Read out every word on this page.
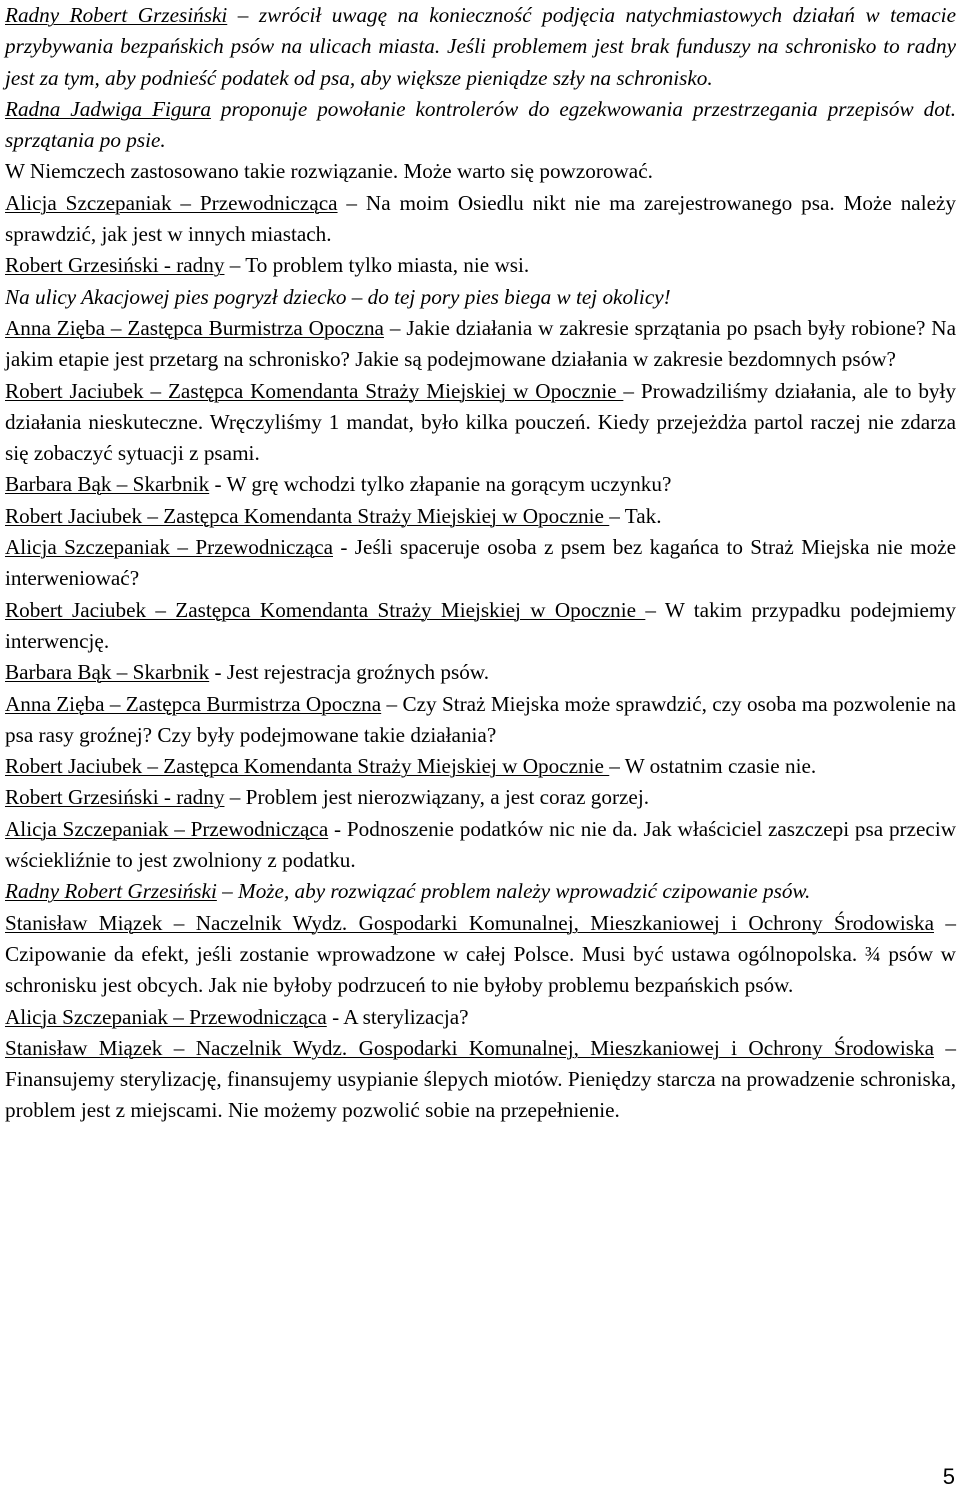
Radny Robert Grzesiński – zwrócił uwagę na konieczność podjęcia natychmiastowych działań w temacie przybywania bezpańskich psów na ulicach miasta. Jeśli problemem jest brak funduszy na schronisko to radny jest za tym, aby podnieść podatek od psa, aby większe pieniądze szły na schronisko.

Radna Jadwiga Figura proponuje powołanie kontrolerów do egzekwowania przestrzegania przepisów dot. sprzątania po psie.

W Niemczech zastosowano takie rozwiązanie. Może warto się powzorować.

Alicja Szczepaniak – Przewodnicząca – Na moim Osiedlu nikt nie ma zarejestrowanego psa. Może należy sprawdzić, jak jest w innych miastach.

Robert Grzesiński - radny – To problem tylko miasta, nie wsi.

Na ulicy Akacjowej pies pogryzł dziecko – do tej pory pies biega w tej okolicy!

Anna Zięba – Zastępca Burmistrza Opoczna – Jakie działania w zakresie sprzątania po psach były robione? Na jakim etapie jest przetarg na schronisko? Jakie są podejmowane działania w zakresie bezdomnych psów?

Robert Jaciubek – Zastępca Komendanta Straży Miejskiej w Opocznie – Prowadziliśmy działania, ale to były działania nieskuteczne. Wręczyliśmy 1 mandat, było kilka pouczeń. Kiedy przejeżdża partol raczej nie zdarza się zobaczyć sytuacji z psami.

Barbara Bąk – Skarbnik - W grę wchodzi tylko złapanie na gorącym uczynku?

Robert Jaciubek – Zastępca Komendanta Straży Miejskiej w Opocznie – Tak.

Alicja Szczepaniak – Przewodnicząca - Jeśli spaceruje osoba z psem bez kagańca to Straż Miejska nie może interweniować?

Robert Jaciubek – Zastępca Komendanta Straży Miejskiej w Opocznie – W takim przypadku podejmiemy interwencję.

Barbara Bąk – Skarbnik - Jest rejestracja groźnych psów.

Anna Zięba – Zastępca Burmistrza Opoczna – Czy Straż Miejska może sprawdzić, czy osoba ma pozwolenie na psa rasy groźnej? Czy były podejmowane takie działania?

Robert Jaciubek – Zastępca Komendanta Straży Miejskiej w Opocznie – W ostatnim czasie nie.

Robert Grzesiński - radny – Problem jest nierozwiązany, a jest coraz gorzej.

Alicja Szczepaniak – Przewodnicząca - Podnoszenie podatków nic nie da. Jak właściciel zaszczepi psa przeciw wściekliźnie to jest zwolniony z podatku.

Radny Robert Grzesiński – Może, aby rozwiązać problem należy wprowadzić czipowanie psów.

Stanisław Miązek – Naczelnik Wydz. Gospodarki Komunalnej, Mieszkaniowej i Ochrony Środowiska – Czipowanie da efekt, jeśli zostanie wprowadzone w całej Polsce. Musi być ustawa ogólnopolska. ¾ psów w schronisku jest obcych. Jak nie byłoby podrzuceń to nie byłoby problemu bezpańskich psów.

Alicja Szczepaniak – Przewodnicząca - A sterylizacja?

Stanisław Miązek – Naczelnik Wydz. Gospodarki Komunalnej, Mieszkaniowej i Ochrony Środowiska – Finansujemy sterylizację, finansujemy usypianie ślepych miotów. Pieniędzy starcza na prowadzenie schroniska, problem jest z miejscami. Nie możemy pozwolić sobie na przepełnienie.

5
